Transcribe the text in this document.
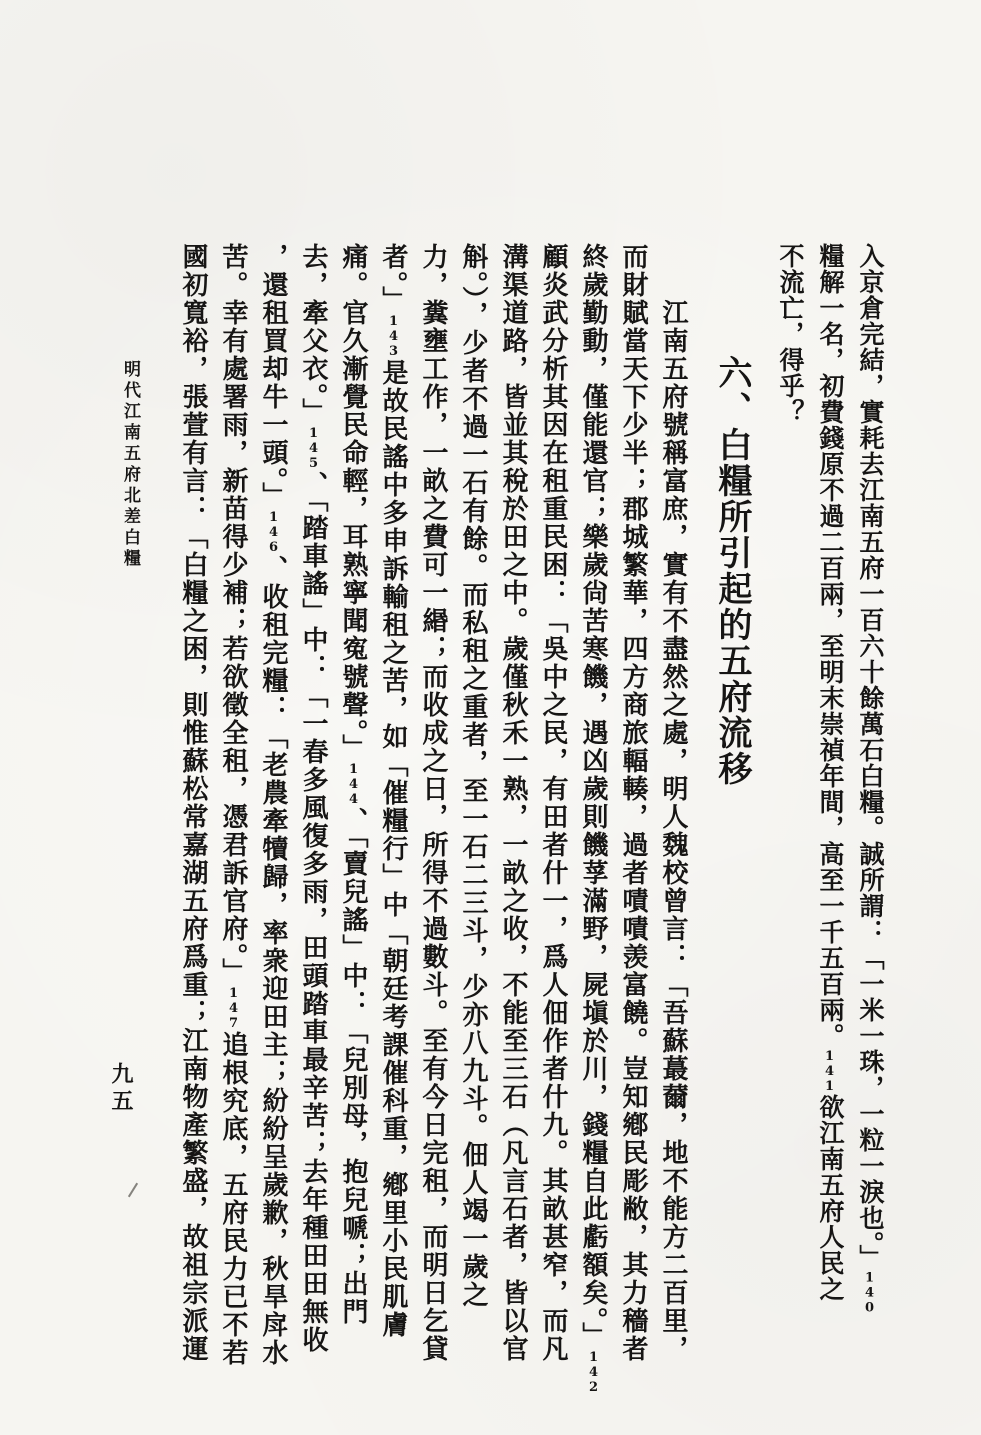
入京倉完結，實耗去江南五府一百六十餘萬石白糧。誠所謂：「一米一珠，一粒一淚也。」140
糧解一名，初費錢原不過二百兩，至明末崇禎年間，高至一千五百兩。141欲江南五府人民之
不流亡，得乎？
六、白糧所引起的五府流移
江南五府號稱富庶，實有不盡然之處，明人魏校曾言：「吾蘇蕞薾，地不能方二百里，
而財賦當天下少半；郡城繁華，四方商旅輻輳，過者嘖嘖羡富饒。豈知鄕民彫敝，其力穡者
終歲勤動，僅能還官；樂歲尙苦寒饑，遇凶歲則饑莩滿野，屍塡於川，錢糧自此虧額矣。」142
顧炎武分析其因在租重民困：「吳中之民，有田者什一，爲人佃作者什九。其畝甚窄，而凡
溝渠道路，皆並其稅於田之中。歲僅秋禾一熟，一畝之收，不能至三石（凡言石者，皆以官
斛。），少者不過一石有餘。而私租之重者，至一石二三斗，少亦八九斗。佃人竭一歲之
力，糞壅工作，一畝之費可一緡；而收成之日，所得不過數斗。至有今日完租，而明日乞貸
者。」143是故民謠中多申訴輸租之苦，如「催糧行」中「朝廷考課催科重，鄕里小民肌膚
痛。官久漸覺民命輕，耳熟寧聞寃號聲。」144、「賣兒謠」中：「兒別母，抱兒嗁；出門
去，牽父衣。」145、「踏車謠」中：「一春多風復多雨，田頭踏車最辛苦；去年種田田無收
，還租買却牛一頭。」146、收租完糧：「老農牽犢歸，率衆迎田主；紛紛呈歲歉，秋旱戽水
苦。幸有處署雨，新苗得少補；若欲徵全租，憑君訴官府。」147追根究底，五府民力已不若
國初寬裕，張萱有言：「白糧之困，則惟蘇松常嘉湖五府爲重；江南物產繁盛，故祖宗派運
明代江南五府北差白糧
九五
